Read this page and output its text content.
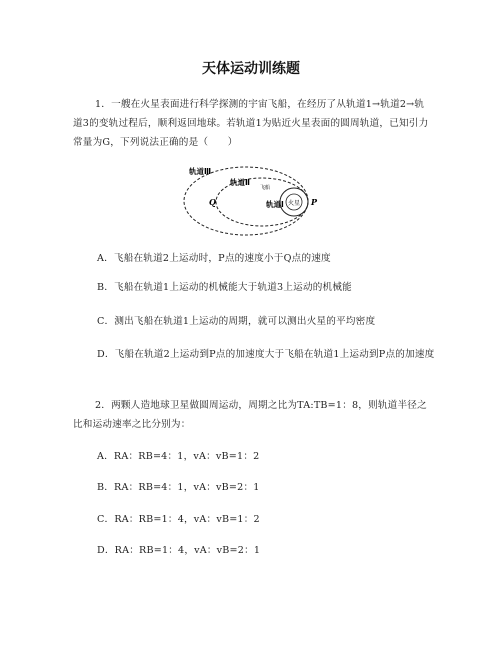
天体运动训练题
1．一艘在火星表面进行科学探测的宇宙飞船，在经历了从轨道1→轨道2→轨道3的变轨过程后，顺利返回地球。若轨道1为贴近火星表面的圆周轨道，已知引力常量为G，下列说法正确的是（　　）
火星
飞船
轨道Ⅲ
轨道Ⅱ
轨道Ⅰ
Q	P
A．飞船在轨道2上运动时，P点的速度小于Q点的速度
B．飞船在轨道1上运动的机械能大于轨道3上运动的机械能
C．测出飞船在轨道1上运动的周期，就可以测出火星的平均密度
D．飞船在轨道2上运动到P点的加速度大于飞船在轨道1上运动到P点的加速度
2．两颗人造地球卫星做圆周运动，周期之比为TA:TB=1：8，则轨道半径之比和运动速率之比分别为：
A．RA：RB=4：1，vA：vB=1：2
B．RA：RB=4：1，vA：vB=2：1
C．RA：RB=1：4，vA：vB=1：2
D．RA：RB=1：4，vA：vB=2：1
